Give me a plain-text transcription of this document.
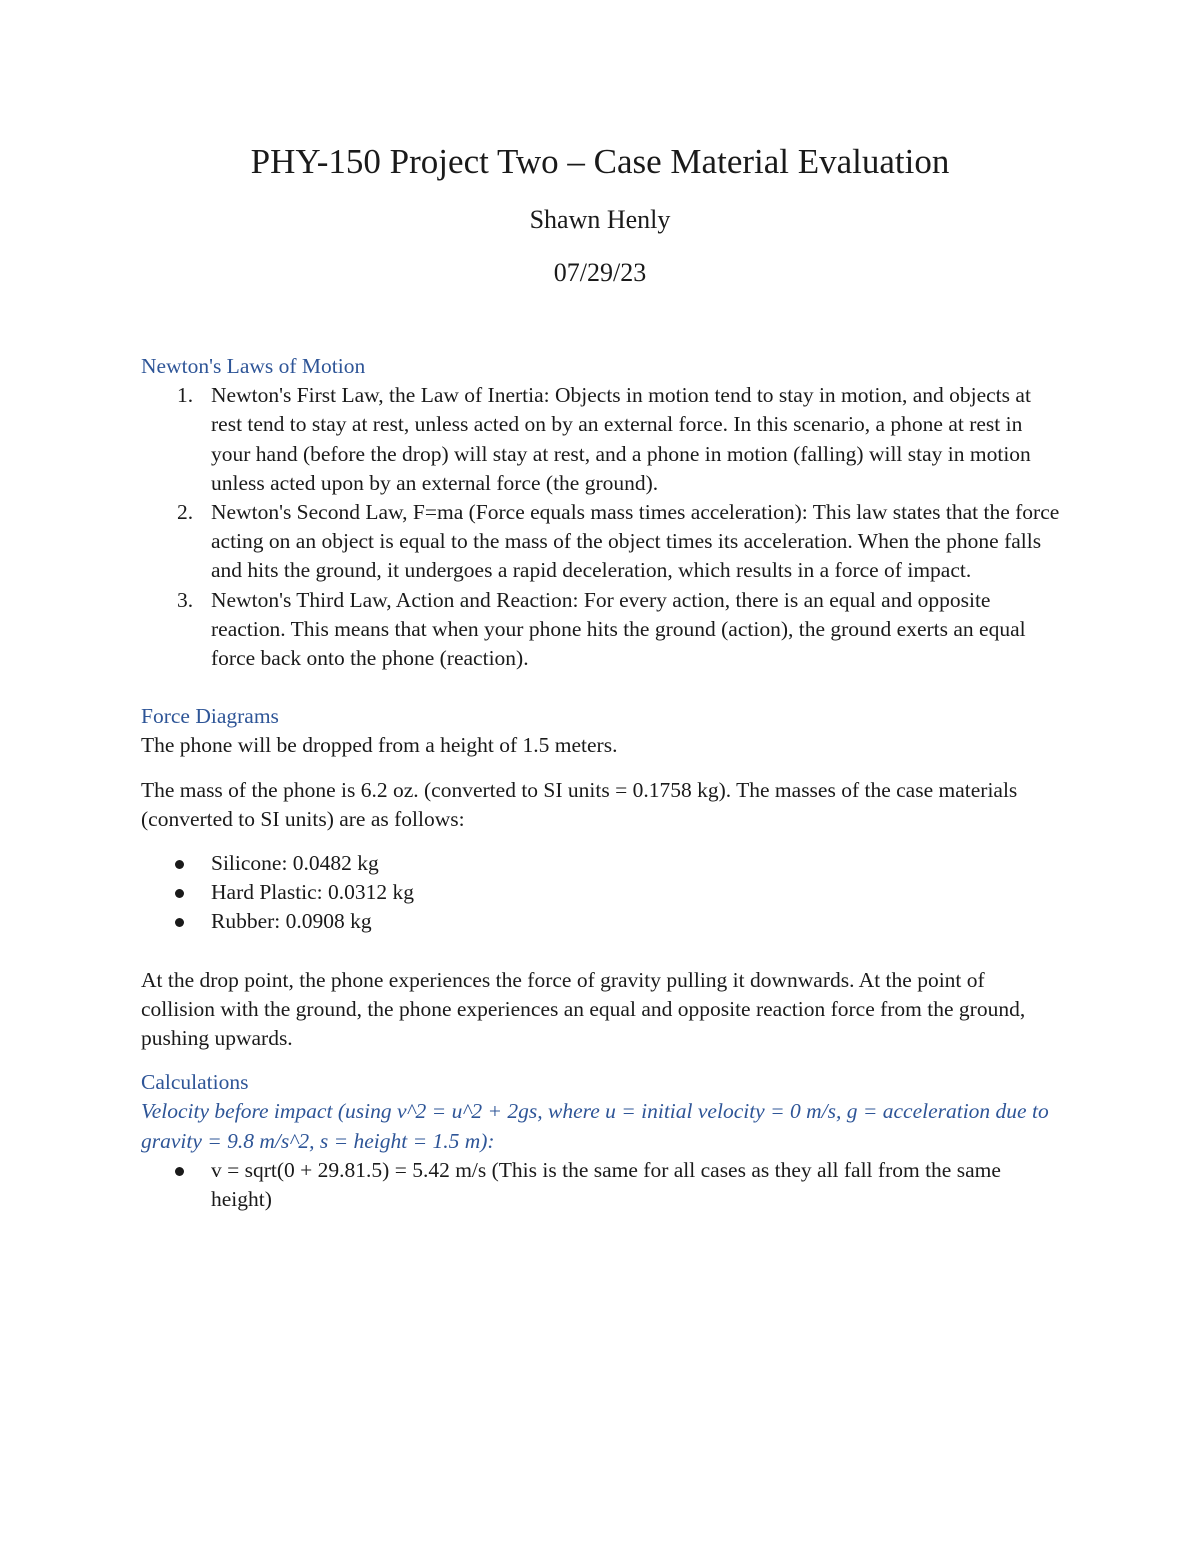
PHY-150 Project Two – Case Material Evaluation
Shawn Henly
07/29/23
Newton's Laws of Motion
1. Newton's First Law, the Law of Inertia: Objects in motion tend to stay in motion, and objects at rest tend to stay at rest, unless acted on by an external force. In this scenario, a phone at rest in your hand (before the drop) will stay at rest, and a phone in motion (falling) will stay in motion unless acted upon by an external force (the ground).
2. Newton's Second Law, F=ma (Force equals mass times acceleration): This law states that the force acting on an object is equal to the mass of the object times its acceleration. When the phone falls and hits the ground, it undergoes a rapid deceleration, which results in a force of impact.
3. Newton's Third Law, Action and Reaction: For every action, there is an equal and opposite reaction. This means that when your phone hits the ground (action), the ground exerts an equal force back onto the phone (reaction).
Force Diagrams

The phone will be dropped from a height of 1.5 meters.

The mass of the phone is 6.2 oz. (converted to SI units = 0.1758 kg). The masses of the case materials (converted to SI units) are as follows:

Silicone: 0.0482 kg
Hard Plastic: 0.0312 kg
Rubber: 0.0908 kg

At the drop point, the phone experiences the force of gravity pulling it downwards. At the point of collision with the ground, the phone experiences an equal and opposite reaction force from the ground, pushing upwards.

Calculations

Velocity before impact (using v^2 = u^2 + 2gs, where u = initial velocity = 0 m/s, g = acceleration due to gravity = 9.8 m/s^2, s = height = 1.5 m):

v = sqrt(0 + 29.81.5) = 5.42 m/s (This is the same for all cases as they all fall from the same height)
